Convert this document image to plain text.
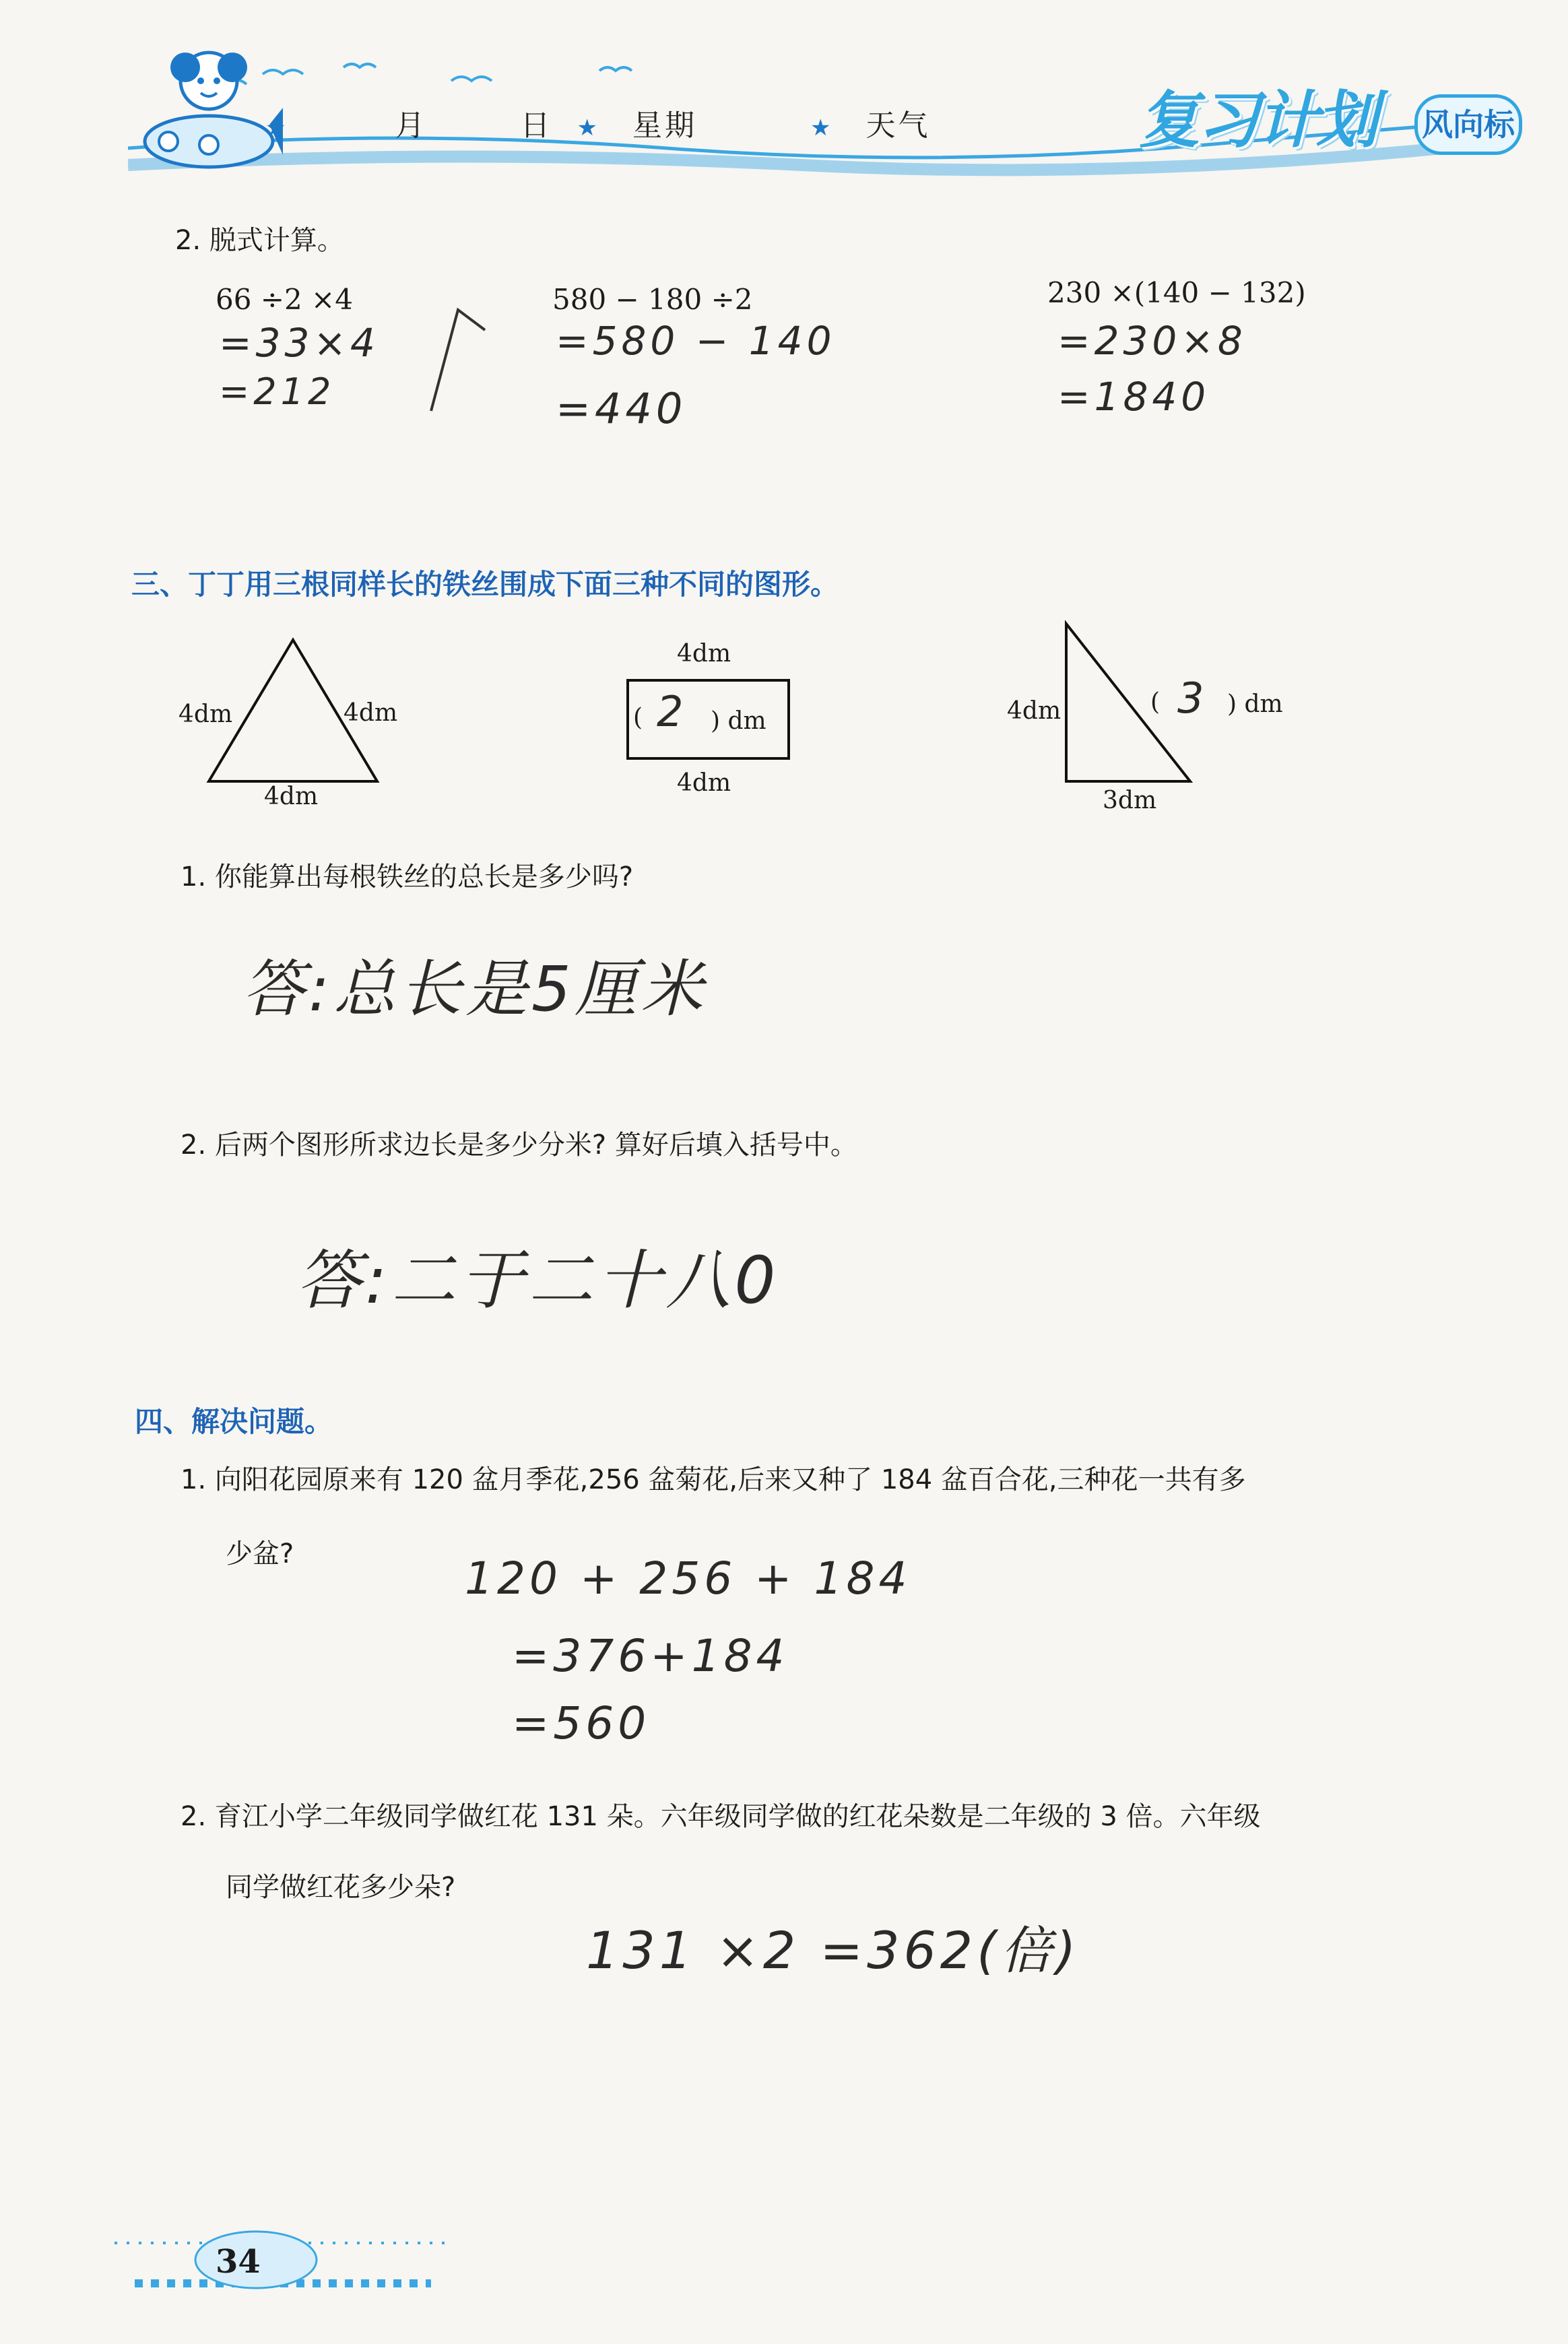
★	月	日 ★ 星期	★ 天气	复习计划 风向标
2. 脱式计算。
66 ÷2 ×4
=33×4
=212
580 − 180 ÷2
=580 − 140
=440
230 ×(140 − 132)
=230×8
=1840
三、丁丁用三根同样长的铁丝围成下面三种不同的图形。
4dm	4dm
4dm
4dm
( 2 ) dm
4dm
4dm	( 3 ) dm
3dm
1. 你能算出每根铁丝的总长是多少吗?
答:总长是5厘米
2. 后两个图形所求边长是多少分米? 算好后填入括号中。
答:二于二十八0
四、解决问题。
1. 向阳花园原来有 120 盆月季花,256 盆菊花,后来又种了 184 盆百合花,三种花一共有多
少盆?	120 + 256 + 184
=376+184
=560
2. 育江小学二年级同学做红花 131 朵。六年级同学做的红花朵数是二年级的 3 倍。六年级
同学做红花多少朵?
131 ×2 =362(倍)
34
